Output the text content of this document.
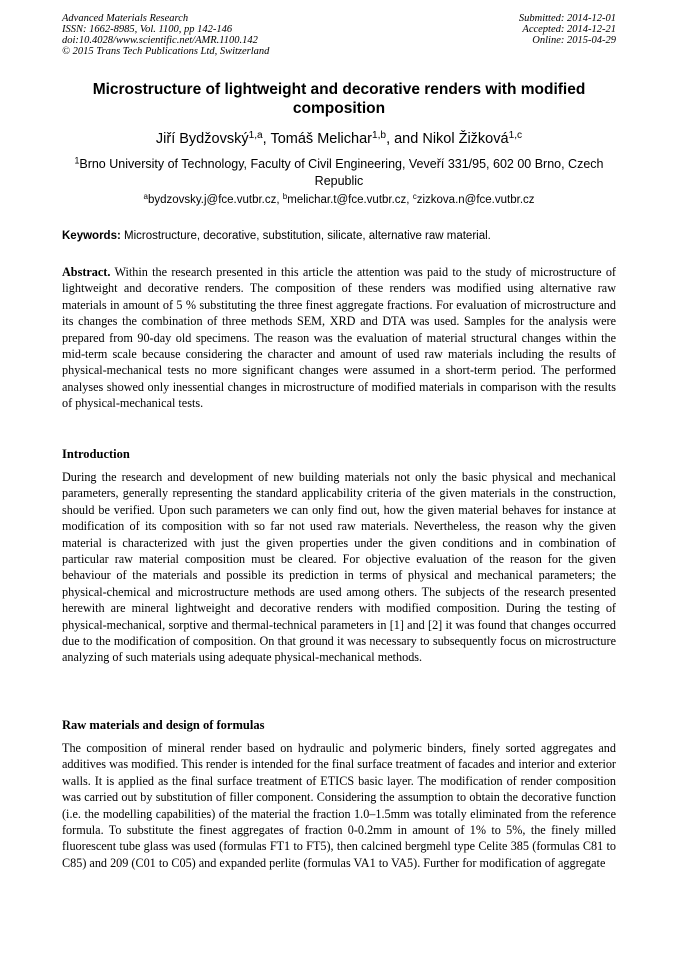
Advanced Materials Research
ISSN: 1662-8985, Vol. 1100, pp 142-146
doi:10.4028/www.scientific.net/AMR.1100.142
© 2015 Trans Tech Publications Ltd, Switzerland
Submitted: 2014-12-01
Accepted: 2014-12-21
Online: 2015-04-29
Microstructure of lightweight and decorative renders with modified
composition
Jiří Bydžovský$^{1,a}$, Tomáš Melichar$^{1,b}$, and Nikol Žižková$^{1,c}$
$^1$Brno University of Technology, Faculty of Civil Engineering, Veveří 331/95, 602 00 Brno, Czech Republic
$^a$bydzovsky.j@fce.vutbr.cz, $^b$melichar.t@fce.vutbr.cz, $^c$zizkova.n@fce.vutbr.cz
Keywords: Microstructure, decorative, substitution, silicate, alternative raw material.
Abstract. Within the research presented in this article the attention was paid to the study of microstructure of lightweight and decorative renders. The composition of these renders was modified using alternative raw materials in amount of 5 % substituting the three finest aggregate fractions. For evaluation of microstructure and its changes the combination of three methods SEM, XRD and DTA was used. Samples for the analysis were prepared from 90-day old specimens. The reason was the evaluation of material structural changes within the mid-term scale because considering the character and amount of used raw materials including the results of physical-mechanical tests no more significant changes were assumed in a short-term period. The performed analyses showed only inessential changes in microstructure of modified materials in comparison with the results of physical-mechanical tests.
Introduction
During the research and development of new building materials not only the basic physical and mechanical parameters, generally representing the standard applicability criteria of the given materials in the construction, should be verified. Upon such parameters we can only find out, how the given material behaves for instance at modification of its composition with so far not used raw materials. Nevertheless, the reason why the given material is characterized with just the given properties under the given conditions and in combination of particular raw material composition must be cleared. For objective evaluation of the reason for the given behaviour of the materials and possible its prediction in terms of physical and mechanical parameters; the physical-chemical and microstructure methods are used among others. The subjects of the research presented herewith are mineral lightweight and decorative renders with modified composition. During the testing of physical-mechanical, sorptive and thermal-technical parameters in [1] and [2] it was found that changes occurred due to the modification of composition. On that ground it was necessary to subsequently focus on microstructure analyzing of such materials using adequate physical-mechanical methods.
Raw materials and design of formulas
The composition of mineral render based on hydraulic and polymeric binders, finely sorted aggregates and additives was modified. This render is intended for the final surface treatment of facades and interior and exterior walls. It is applied as the final surface treatment of ETICS basic layer. The modification of render composition was carried out by substitution of filler component. Considering the assumption to obtain the decorative function (i.e. the modelling capabilities) of the material the fraction 1.0–1.5mm was totally eliminated from the reference formula. To substitute the finest aggregates of fraction 0-0.2mm in amount of 1% to 5%, the finely milled fluorescent tube glass was used (formulas FT1 to FT5), then calcined bergmehl type Celite 385 (formulas C81 to C85) and 209 (C01 to C05) and expanded perlite (formulas VA1 to VA5). Further for modification of aggregate
